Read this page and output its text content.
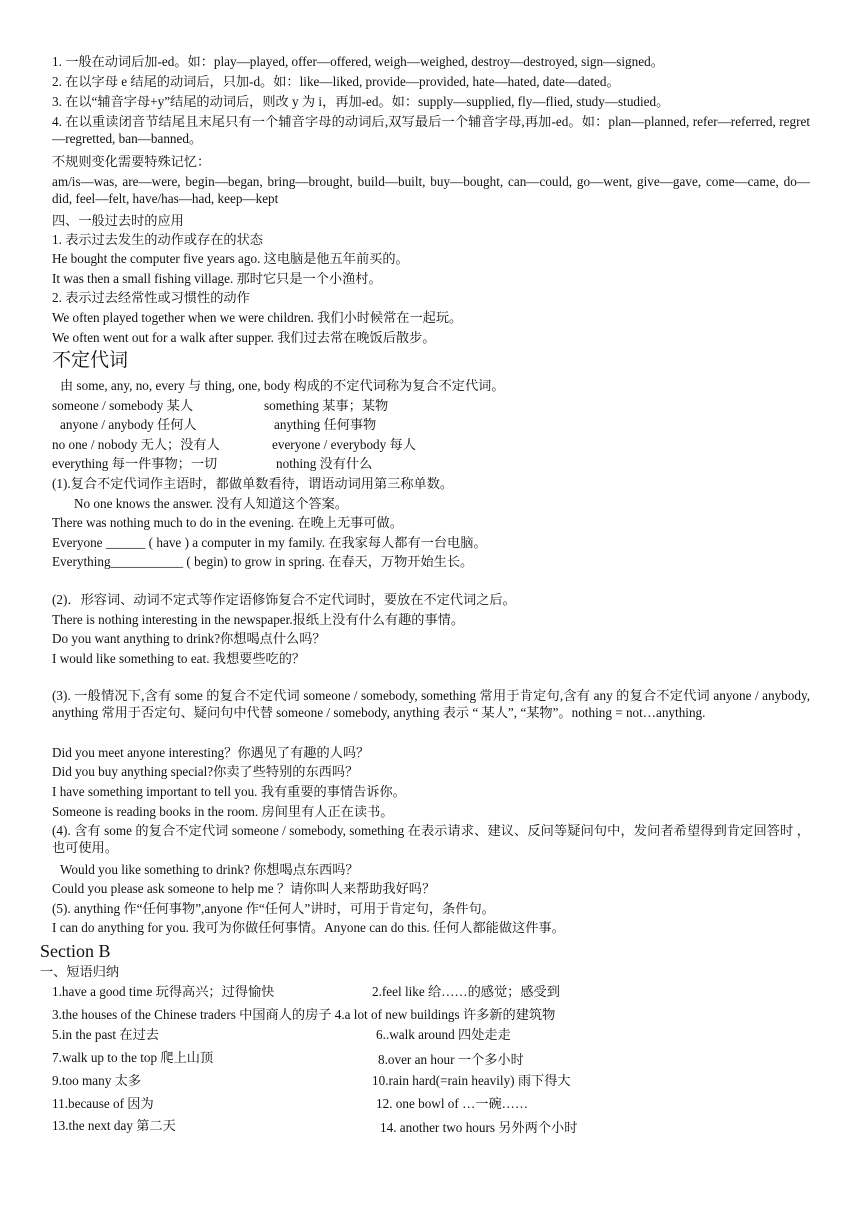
1. 一般在动词后加-ed。如：play—played, offer—offered, weigh—weighed, destroy—destroyed, sign—signed。
2. 在以字母 e 结尾的动词后，只加-d。如：like—liked, provide—provided, hate—hated, date—dated。
3. 在以“辅音字母+y”结尾的动词后，则改 y 为 i，再加-ed。如：supply—supplied, fly—flied, study—studied。
4. 在以重读闭音节结尾且末尾只有一个辅音字母的动词后,双写最后一个辅音字母,再加-ed。如：plan—planned, refer—referred, regret—regretted, ban—banned。
不规则变化需要特殊记忆：
am/is—was, are—were, begin—began, bring—brought, build—built, buy—bought, can—could, go—went, give—gave, come—came, do—did, feel—felt, have/has—had, keep—kept
四、一般过去时的应用
1. 表示过去发生的动作或存在的状态
He bought the computer five years ago. 这电脑是他五年前买的。
It was then a small fishing village. 那时它只是一个小渔村。
2. 表示过去经常性或习惯性的动作
We often played together when we were children. 我们小时候常在一起玩。
We often went out for a walk after supper. 我们过去常在晚饭后散步。
不定代词
由 some, any, no, every 与 thing, one, body 构成的不定代词称为复合不定代词。
someone / somebody 某人	something 某事；某物
anyone / anybody 任何人	anything 任何事物
no one / nobody 无人；没有人	everyone / everybody 每人
everything 每一件事物；一切	nothing 没有什么
(1).复合不定代词作主语时，都做单数看待，谓语动词用第三称单数。
No one knows the answer. 没有人知道这个答案。
There was nothing much to do in the evening. 在晚上无事可做。
Everyone ______ ( have ) a computer in my family. 在我家每人都有一台电脑。
Everything___________ ( begin) to grow in spring. 在春天，万物开始生长。
(2)．形容词、动词不定式等作定语修饰复合不定代词时，要放在不定代词之后。
There is nothing interesting in the newspaper.报纸上没有什么有趣的事情。
Do you want anything to drink?你想喝点什么吗？
I would like something to eat. 我想要些吃的？
(3). 一般情况下,含有 some 的复合不定代词 someone / somebody, something 常用于肯定句,含有 any 的复合不定代词 anyone / anybody, anything 常用于否定句、疑问句中代替 someone / somebody, anything 表示 “ 某人”, “某物”。nothing = not…anything.
Did you meet anyone interesting？你遇见了有趣的人吗？
Did you buy anything special?你卖了些特别的东西吗？
I have something important to tell you. 我有重要的事情告诉你。
Someone is reading books in the room. 房间里有人正在读书。
(4). 含有 some 的复合不定代词 someone / somebody, something 在表示请求、建议、反问等疑问句中，发问者希望得到肯定回答时 ， 也可使用。
Would you like something to drink? 你想喝点东西吗？
Could you please ask someone to help me ？请你叫人来帮助我好吗？
(5). anything 作“任何事物”,anyone 作“任何人”讲时，可用于肯定句，条件句。
I can do anything for you. 我可为你做任何事情。Anyone can do this. 任何人都能做这件事。
Section B
一、短语归纳
1.have a good time 玩得高兴；过得愉快	2.feel like 给……的感觉；感受到
3.the houses of the Chinese traders 中国商人的房子 4.a lot of new buildings 许多新的建筑物
5.in the past 在过去	6..walk around 四处走走
7.walk up to the top 爬上山顶	8.over an hour 一个多小时
9.too many 太多	10.rain hard(=rain heavily) 雨下得大
11.because of 因为	12. one bowl of …一碗……
13.the next day 第二天	14. another two hours 另外两个小时
